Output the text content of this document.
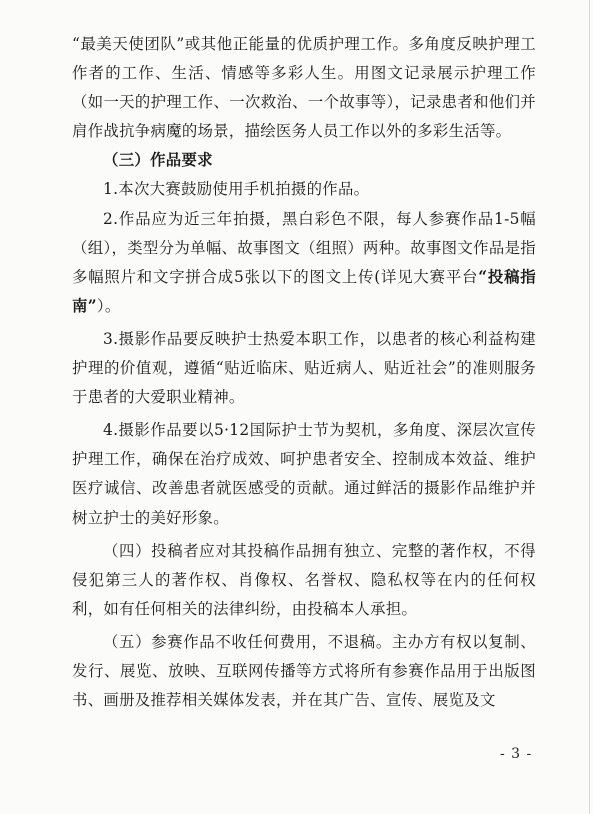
“最美天使团队”或其他正能量的优质护理工作。多角度反映护理工作者的工作、生活、情感等多彩人生。用图文记录展示护理工作（如一天的护理工作、一次救治、一个故事等），记录患者和他们并肩作战抗争病魔的场景，描绘医务人员工作以外的多彩生活等。

（三）作品要求

1.本次大赛鼓励使用手机拍摄的作品。

2.作品应为近三年拍摄，黑白彩色不限，每人参赛作品1-5幅（组），类型分为单幅、故事图文（组照）两种。故事图文作品是指多幅照片和文字拼合成5张以下的图文上传(详见大赛平台“投稿指南”）。

3.摄影作品要反映护士热爱本职工作，以患者的核心利益构建护理的价值观，遵循“贴近临床、贴近病人、贴近社会”的准则服务于患者的大爱职业精神。

4.摄影作品要以5·12国际护士节为契机，多角度、深层次宣传护理工作，确保在治疗成效、呵护患者安全、控制成本效益、维护医疗诚信、改善患者就医感受的贡献。通过鲜活的摄影作品维护并树立护士的美好形象。

（四）投稿者应对其投稿作品拥有独立、完整的著作权，不得侵犯第三人的著作权、肖像权、名誉权、隐私权等在内的任何权利，如有任何相关的法律纠纷，由投稿本人承担。

（五）参赛作品不收任何费用，不退稿。主办方有权以复制、发行、展览、放映、互联网传播等方式将所有参赛作品用于出版图书、画册及推荐相关媒体发表，并在其广告、宣传、展览及文

- 3 -
